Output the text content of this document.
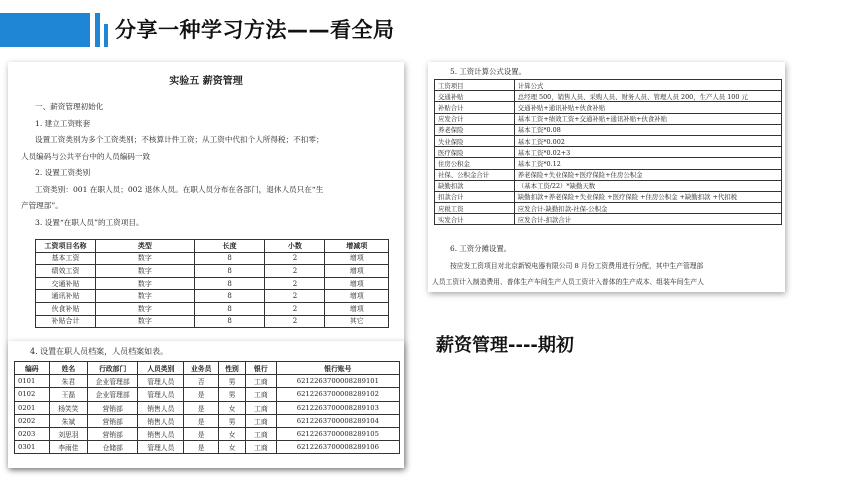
分享一种学习方法——看全局
实验五 薪资管理
一、薪资管理初始化
1. 建立工资账套
设置工资类别为多个工资类别；不核算计件工资；从工资中代扣个人所得税；不扣零；
人员编码与公共平台中的人员编码一致
2. 设置工资类别
工资类别：001 在职人员；002 退休人员。在职人员分布在各部门，退休人员只在“生
产管理部”。
3. 设置“在职人员”的工资项目。
工资项目名称	类型	长度	小数	增减项
基本工资	数字	8	2	增项
绩效工资	数字	8	2	增项
交通补贴	数字	8	2	增项
通讯补贴	数字	8	2	增项
伙食补贴	数字	8	2	增项
补贴合计	数字	8	2	其它
5. 工资计算公式设置。
工资项目	计算公式
交通补贴	总经理 500，销售人员、采购人员、财务人员、管理人员 200，生产人员 100 元
补贴合计	交通补贴+通讯补贴+伙食补贴
应发合计	基本工资+绩效工资+交通补贴+通讯补贴+伙食补贴
养老保险	基本工资*0.08
失业保险	基本工资*0.002
医疗保险	基本工资*0.02+3
住房公积金	基本工资*0.12
社保、公积金合计	养老保险+失业保险+医疗保险+住房公积金
缺勤扣款	（基本工资/22）*缺勤天数
扣款合计	缺勤扣款+养老保险+失业保险 +医疗保险 +住房公积金 +缺勤扣款 +代扣税
应税工资	应发合计-缺勤扣款-社保-公积金
实发合计	应发合计-扣款合计
6. 工资分摊设置。
按应发工资项目对北京新锐电器有限公司 8 月份工资费用进行分配，其中生产管理部
人员工资计入制造费用、普体生产车间生产人员工资计入普体的生产成本、组装车间生产人
4. 设置在职人员档案，人员档案如表。
编码	姓名	行政部门	人员类别	业务员	性别	银行	银行账号
0101	朱君	企业管理部	管理人员	否	男	工商	6212263700008289101
0102	王磊	企业管理部	管理人员	是	男	工商	6212263700008289102
0201	杨笑笑	营销部	销售人员	是	女	工商	6212263700008289103
0202	朱斌	营销部	销售人员	是	男	工商	6212263700008289104
0203	刘思羽	营销部	销售人员	是	女	工商	6212263700008289105
0301	李雨佳	仓储部	管理人员	是	女	工商	6212263700008289106
薪资管理----期初
